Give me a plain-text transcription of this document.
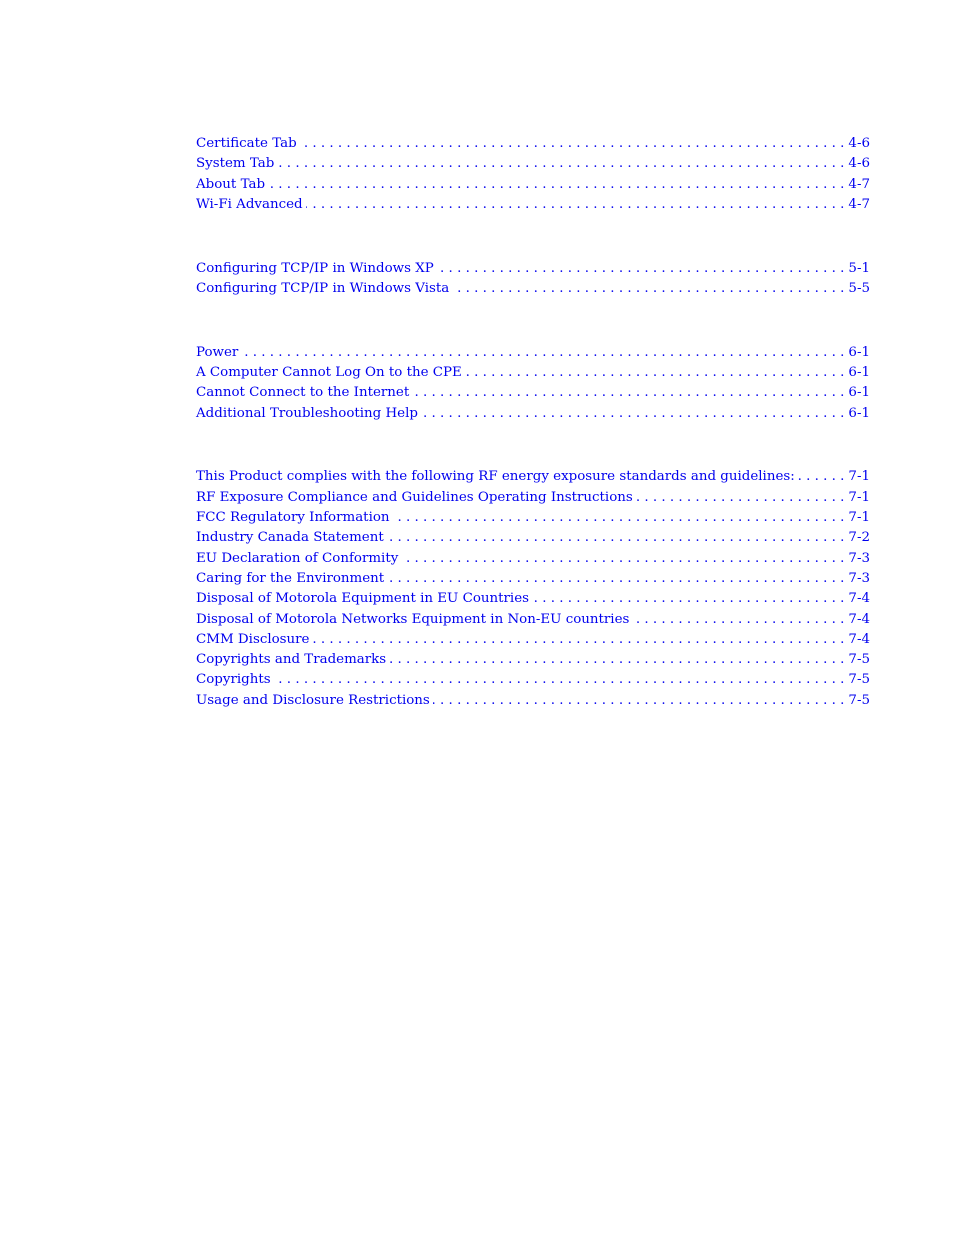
Certificate Tab . . .	4-6
System Tab . . .	4-6
About Tab . . .	4-7
Wi-Fi Advanced . . .	4-7
Configuring TCP/IP in Windows XP . . .	5-1
Configuring TCP/IP in Windows Vista . . .	5-5
Power . . .	6-1
A Computer Cannot Log On to the CPE . . .	6-1
Cannot Connect to the Internet . . .	6-1
Additional Troubleshooting Help . . .	6-1
This Product complies with the following RF energy exposure standards and guidelines: . . .	7-1
RF Exposure Compliance and Guidelines Operating Instructions . . .	7-1
FCC Regulatory Information . . .	7-1
Industry Canada Statement . . .	7-2
EU Declaration of Conformity . . .	7-3
Caring for the Environment . . .	7-3
Disposal of Motorola Equipment in EU Countries . . .	7-4
Disposal of Motorola Networks Equipment in Non-EU countries . . .	7-4
CMM Disclosure . . .	7-4
Copyrights and Trademarks . . .	7-5
Copyrights . . .	7-5
Usage and Disclosure Restrictions . . .	7-5
